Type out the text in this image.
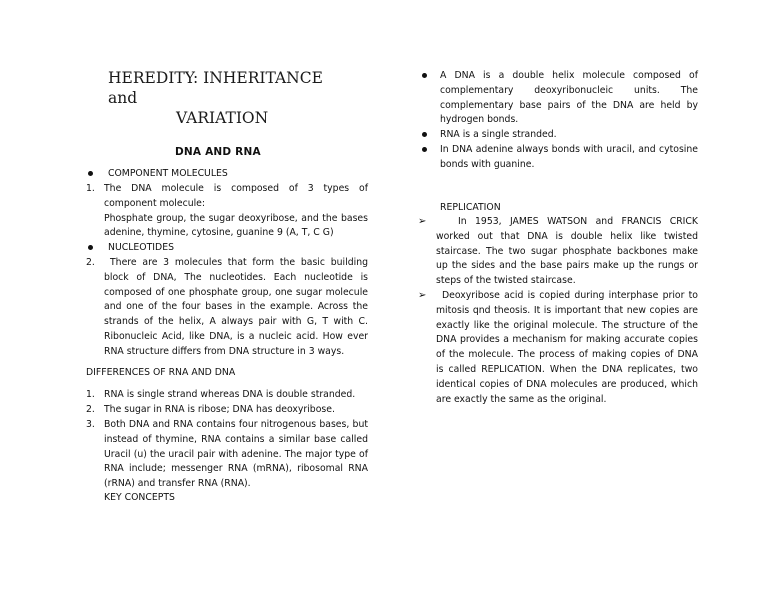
HEREDITY: INHERITANCE and
VARIATION
DNA AND RNA
COMPONENT MOLECULES
1. The DNA molecule is composed of 3 types of component molecule:

Phosphate group, the sugar deoxyribose, and the bases adenine, thymine, cytosine, guanine 9 (A, T, C G)

NUCLEOTIDES
2.	There are 3 molecules that form the basic building block of DNA, The nucleotides. Each nucleotide is composed of one phosphate group, one sugar molecule and one of the four bases in the example. Across the strands of the helix, A always pair with G, T with C. Ribonucleic Acid, like DNA, is a nucleic acid. How ever RNA structure differs from DNA structure in 3 ways.

DIFFERENCES OF RNA AND DNA
1. RNA is single strand whereas DNA is double stranded.

2. The sugar in RNA is ribose; DNA has deoxyribose.

3. Both DNA and RNA contains four nitrogenous bases, but instead of thymine, RNA contains a similar base called Uracil (u) the uracil pair with adenine. The major type of RNA include; messenger RNA (mRNA), ribosomal RNA (rRNA) and transfer RNA (RNA).

KEY CONCEPTS

A DNA is a double helix molecule composed of complementary deoxyribonucleic units. The complementary base pairs of the DNA are held by hydrogen bonds.

RNA is a single stranded.

In DNA adenine always bonds with uracil, and cytosine bonds with guanine.

REPLICATION
➢	In 1953, JAMES WATSON and FRANCIS CRICK worked out that DNA is double helix like twisted staircase. The two sugar phosphate backbones make up the sides and the base pairs make up the rungs or steps of the twisted staircase.

➢	Deoxyribose acid is copied during interphase prior to mitosis qnd theosis. It is important that new copies are exactly like the original molecule. The structure of the DNA provides a mechanism for making accurate copies of the molecule. The process of making copies of DNA is called REPLICATION. When the DNA replicates, two identical copies of DNA molecules are produced, which are exactly the same as the original.
